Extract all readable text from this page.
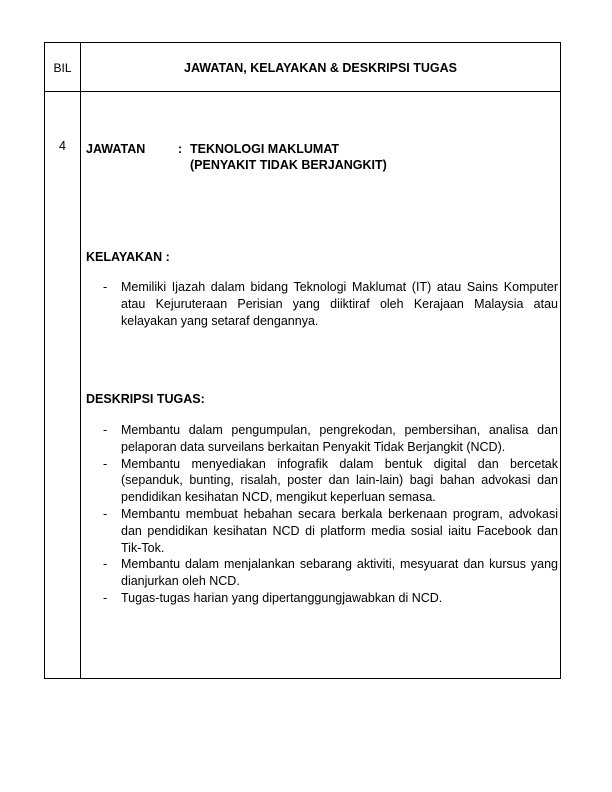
BIL	JAWATAN, KELAYAKAN & DESKRIPSI TUGAS
4	JAWATAN	: TEKNOLOGI MAKLUMAT
(PENYAKIT TIDAK BERJANGKIT)
KELAYAKAN :
- Memiliki Ijazah dalam bidang Teknologi Maklumat (IT) atau Sains Komputer atau Kejuruteraan Perisian yang diiktiraf oleh Kerajaan Malaysia atau kelayakan yang setaraf dengannya.
DESKRIPSI TUGAS:
- Membantu dalam pengumpulan, pengrekodan, pembersihan, analisa dan pelaporan data surveilans berkaitan Penyakit Tidak Berjangkit (NCD).
- Membantu menyediakan infografik dalam bentuk digital dan bercetak (sepanduk, bunting, risalah, poster dan lain-lain) bagi bahan advokasi dan pendidikan kesihatan NCD, mengikut keperluan semasa.
- Membantu membuat hebahan secara berkala berkenaan program, advokasi dan pendidikan kesihatan NCD di platform media sosial iaitu Facebook dan Tik-Tok.
- Membantu dalam menjalankan sebarang aktiviti, mesyuarat dan kursus yang dianjurkan oleh NCD.
- Tugas-tugas harian yang dipertanggungjawabkan di NCD.
